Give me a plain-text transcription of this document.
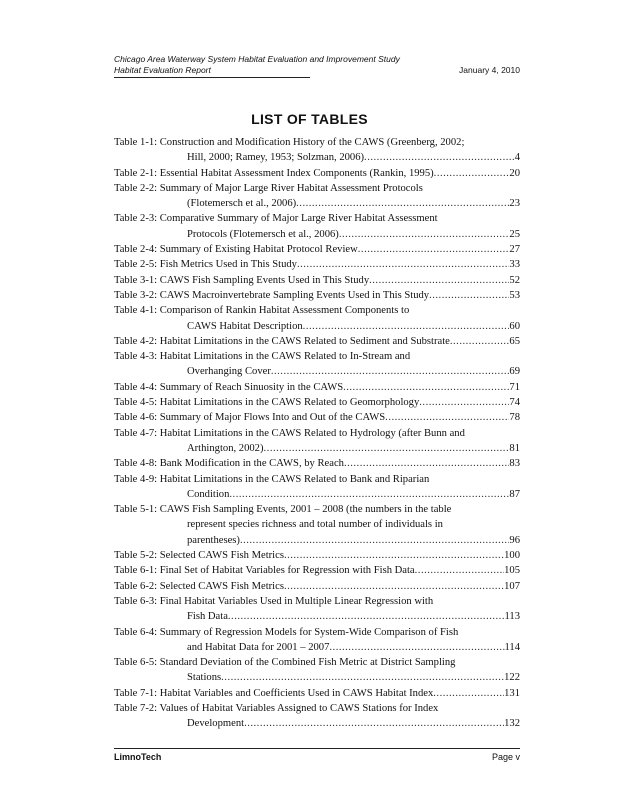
Chicago Area Waterway System Habitat Evaluation and Improvement Study
Habitat Evaluation Report	January 4, 2010
LIST OF TABLES
Table 1-1: Construction and Modification History of the CAWS (Greenberg, 2002;
Hill, 2000; Ramey, 1953; Solzman, 2006) .....	4
Table 2-1: Essential Habitat Assessment Index Components (Rankin, 1995) .....	20
Table 2-2: Summary of Major Large River Habitat Assessment Protocols
(Flotemersch et al., 2006) .....	23
Table 2-3: Comparative Summary of Major Large River Habitat Assessment
Protocols (Flotemersch et al., 2006) .....	25
Table 2-4: Summary of Existing Habitat Protocol Review .....	27
Table 2-5: Fish Metrics Used in This Study .....	33
Table 3-1: CAWS Fish Sampling Events Used in This Study .....	52
Table 3-2: CAWS Macroinvertebrate Sampling Events Used in This Study .....	53
Table 4-1: Comparison of Rankin Habitat Assessment Components to
CAWS Habitat Description .....	60
Table 4-2: Habitat Limitations in the CAWS Related to Sediment and Substrate .....	65
Table 4-3: Habitat Limitations in the CAWS Related to In-Stream and
Overhanging Cover .....	69
Table 4-4: Summary of Reach Sinuosity in the CAWS .....	71
Table 4-5: Habitat Limitations in the CAWS Related to Geomorphology .....	74
Table 4-6: Summary of Major Flows Into and Out of the CAWS .....	78
Table 4-7: Habitat Limitations in the CAWS Related to Hydrology (after Bunn and
Arthington, 2002) .....	81
Table 4-8: Bank Modification in the CAWS, by Reach .....	83
Table 4-9: Habitat Limitations in the CAWS Related to Bank and Riparian
Condition .....	87
Table 5-1: CAWS Fish Sampling Events, 2001 – 2008 (the numbers in the table
represent species richness and total number of individuals in
parentheses) .....	96
Table 5-2: Selected CAWS Fish Metrics .....	100
Table 6-1: Final Set of Habitat Variables for Regression with Fish Data .....	105
Table 6-2: Selected CAWS Fish Metrics .....	107
Table 6-3: Final Habitat Variables Used in Multiple Linear Regression with
Fish Data .....	113
Table 6-4: Summary of Regression Models for System-Wide Comparison of Fish
and Habitat Data for 2001 – 2007 .....	114
Table 6-5: Standard Deviation of the Combined Fish Metric at District Sampling
Stations .....	122
Table 7-1: Habitat Variables and Coefficients Used in CAWS Habitat Index .....	131
Table 7-2: Values of Habitat Variables Assigned to CAWS Stations for Index
Development .....	132
LimnoTech	Page v
